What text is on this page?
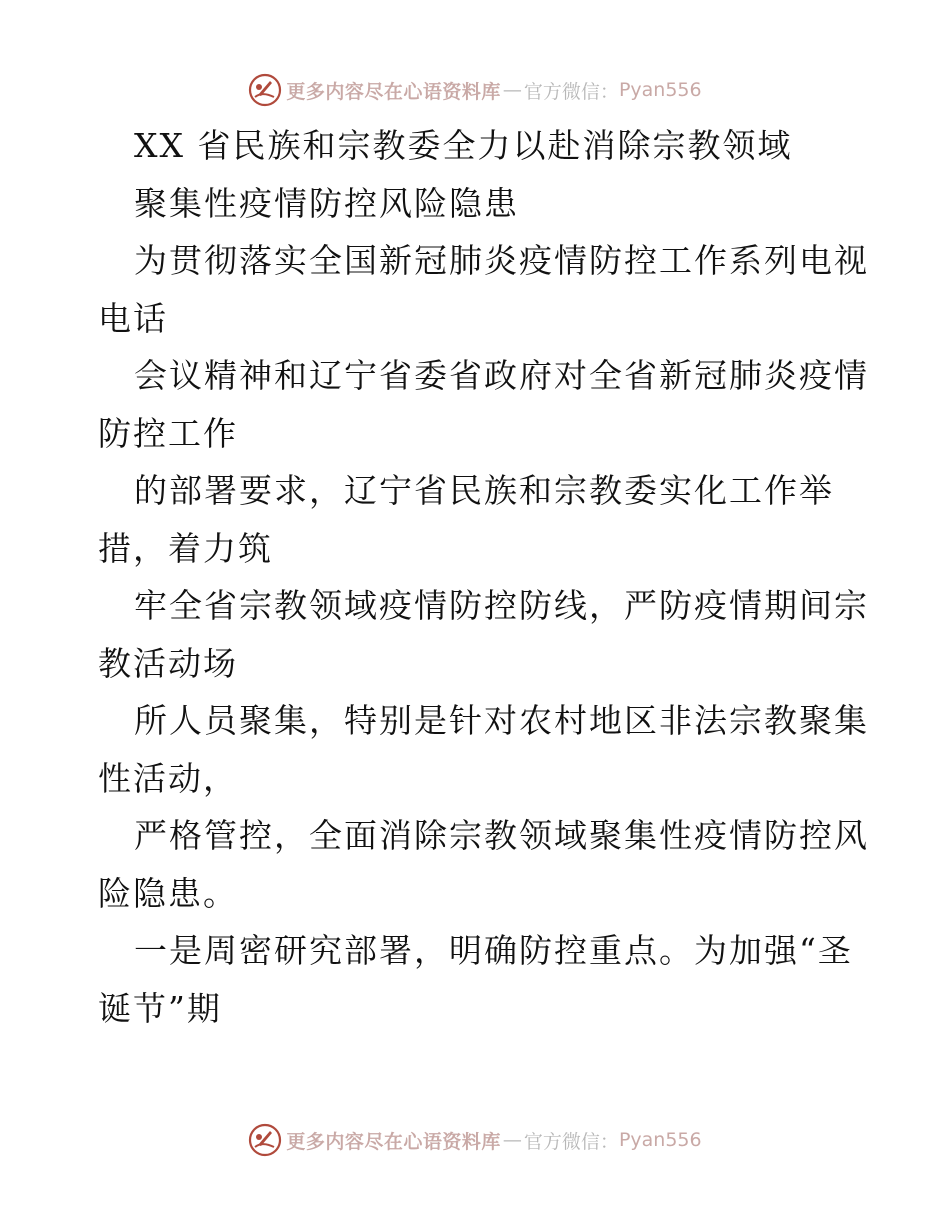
更多内容尽在心语资料库 — 官方微信： Pyan556
XX 省民族和宗教委全力以赴消除宗教领域
聚集性疫情防控风险隐患
为贯彻落实全国新冠肺炎疫情防控工作系列电视
电话
会议精神和辽宁省委省政府对全省新冠肺炎疫情
防控工作
的部署要求，辽宁省民族和宗教委实化工作举
措，着力筑
牢全省宗教领域疫情防控防线，严防疫情期间宗
教活动场
所人员聚集，特别是针对农村地区非法宗教聚集
性活动，
严格管控，全面消除宗教领域聚集性疫情防控风
险隐患。
一是周密研究部署，明确防控重点。为加强“圣
诞节”期
更多内容尽在心语资料库 — 官方微信： Pyan556
